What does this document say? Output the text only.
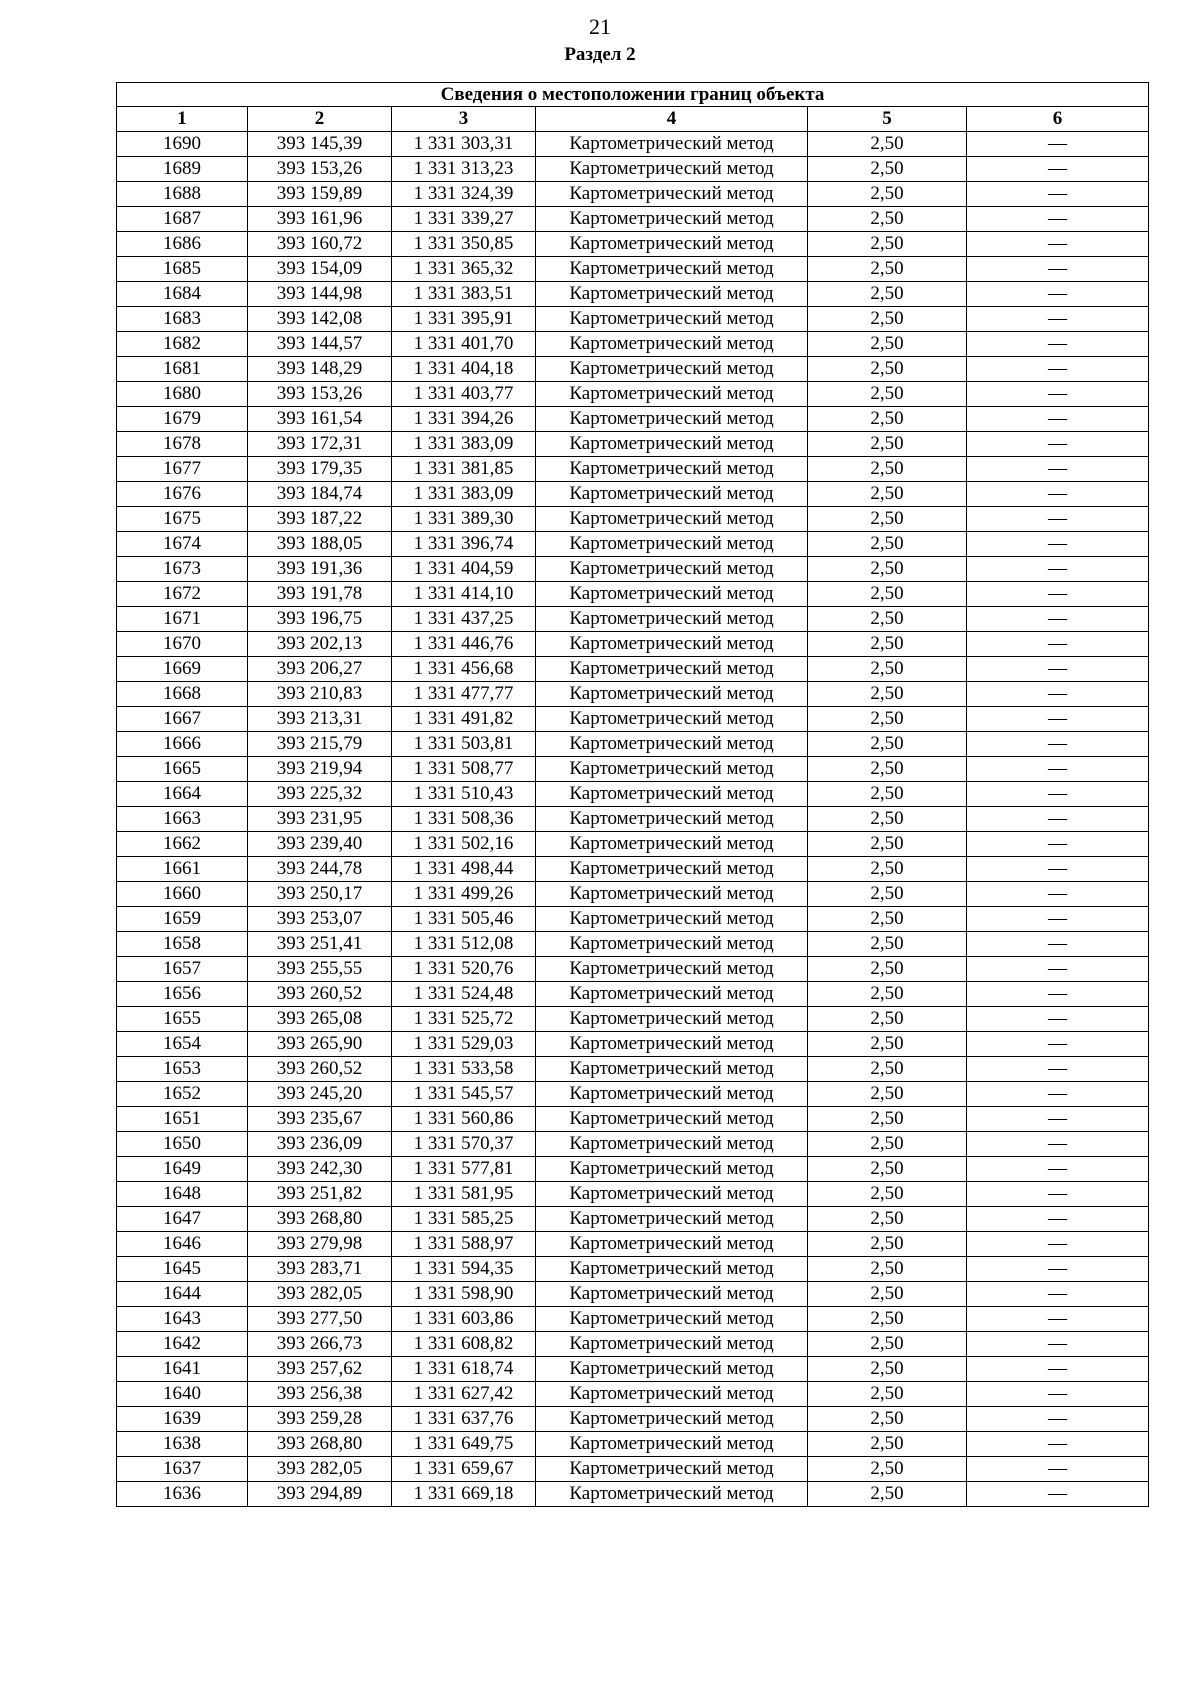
21
Раздел 2
Сведения о местоположении границ объекта					
1	2	3	4	5	6
1690	393 145,39	1 331 303,31	Картометрический метод	2,50	—
1689	393 153,26	1 331 313,23	Картометрический метод	2,50	—
1688	393 159,89	1 331 324,39	Картометрический метод	2,50	—
1687	393 161,96	1 331 339,27	Картометрический метод	2,50	—
1686	393 160,72	1 331 350,85	Картометрический метод	2,50	—
1685	393 154,09	1 331 365,32	Картометрический метод	2,50	—
1684	393 144,98	1 331 383,51	Картометрический метод	2,50	—
1683	393 142,08	1 331 395,91	Картометрический метод	2,50	—
1682	393 144,57	1 331 401,70	Картометрический метод	2,50	—
1681	393 148,29	1 331 404,18	Картометрический метод	2,50	—
1680	393 153,26	1 331 403,77	Картометрический метод	2,50	—
1679	393 161,54	1 331 394,26	Картометрический метод	2,50	—
1678	393 172,31	1 331 383,09	Картометрический метод	2,50	—
1677	393 179,35	1 331 381,85	Картометрический метод	2,50	—
1676	393 184,74	1 331 383,09	Картометрический метод	2,50	—
1675	393 187,22	1 331 389,30	Картометрический метод	2,50	—
1674	393 188,05	1 331 396,74	Картометрический метод	2,50	—
1673	393 191,36	1 331 404,59	Картометрический метод	2,50	—
1672	393 191,78	1 331 414,10	Картометрический метод	2,50	—
1671	393 196,75	1 331 437,25	Картометрический метод	2,50	—
1670	393 202,13	1 331 446,76	Картометрический метод	2,50	—
1669	393 206,27	1 331 456,68	Картометрический метод	2,50	—
1668	393 210,83	1 331 477,77	Картометрический метод	2,50	—
1667	393 213,31	1 331 491,82	Картометрический метод	2,50	—
1666	393 215,79	1 331 503,81	Картометрический метод	2,50	—
1665	393 219,94	1 331 508,77	Картометрический метод	2,50	—
1664	393 225,32	1 331 510,43	Картометрический метод	2,50	—
1663	393 231,95	1 331 508,36	Картометрический метод	2,50	—
1662	393 239,40	1 331 502,16	Картометрический метод	2,50	—
1661	393 244,78	1 331 498,44	Картометрический метод	2,50	—
1660	393 250,17	1 331 499,26	Картометрический метод	2,50	—
1659	393 253,07	1 331 505,46	Картометрический метод	2,50	—
1658	393 251,41	1 331 512,08	Картометрический метод	2,50	—
1657	393 255,55	1 331 520,76	Картометрический метод	2,50	—
1656	393 260,52	1 331 524,48	Картометрический метод	2,50	—
1655	393 265,08	1 331 525,72	Картометрический метод	2,50	—
1654	393 265,90	1 331 529,03	Картометрический метод	2,50	—
1653	393 260,52	1 331 533,58	Картометрический метод	2,50	—
1652	393 245,20	1 331 545,57	Картометрический метод	2,50	—
1651	393 235,67	1 331 560,86	Картометрический метод	2,50	—
1650	393 236,09	1 331 570,37	Картометрический метод	2,50	—
1649	393 242,30	1 331 577,81	Картометрический метод	2,50	—
1648	393 251,82	1 331 581,95	Картометрический метод	2,50	—
1647	393 268,80	1 331 585,25	Картометрический метод	2,50	—
1646	393 279,98	1 331 588,97	Картометрический метод	2,50	—
1645	393 283,71	1 331 594,35	Картометрический метод	2,50	—
1644	393 282,05	1 331 598,90	Картометрический метод	2,50	—
1643	393 277,50	1 331 603,86	Картометрический метод	2,50	—
1642	393 266,73	1 331 608,82	Картометрический метод	2,50	—
1641	393 257,62	1 331 618,74	Картометрический метод	2,50	—
1640	393 256,38	1 331 627,42	Картометрический метод	2,50	—
1639	393 259,28	1 331 637,76	Картометрический метод	2,50	—
1638	393 268,80	1 331 649,75	Картометрический метод	2,50	—
1637	393 282,05	1 331 659,67	Картометрический метод	2,50	—
1636	393 294,89	1 331 669,18	Картометрический метод	2,50	—
